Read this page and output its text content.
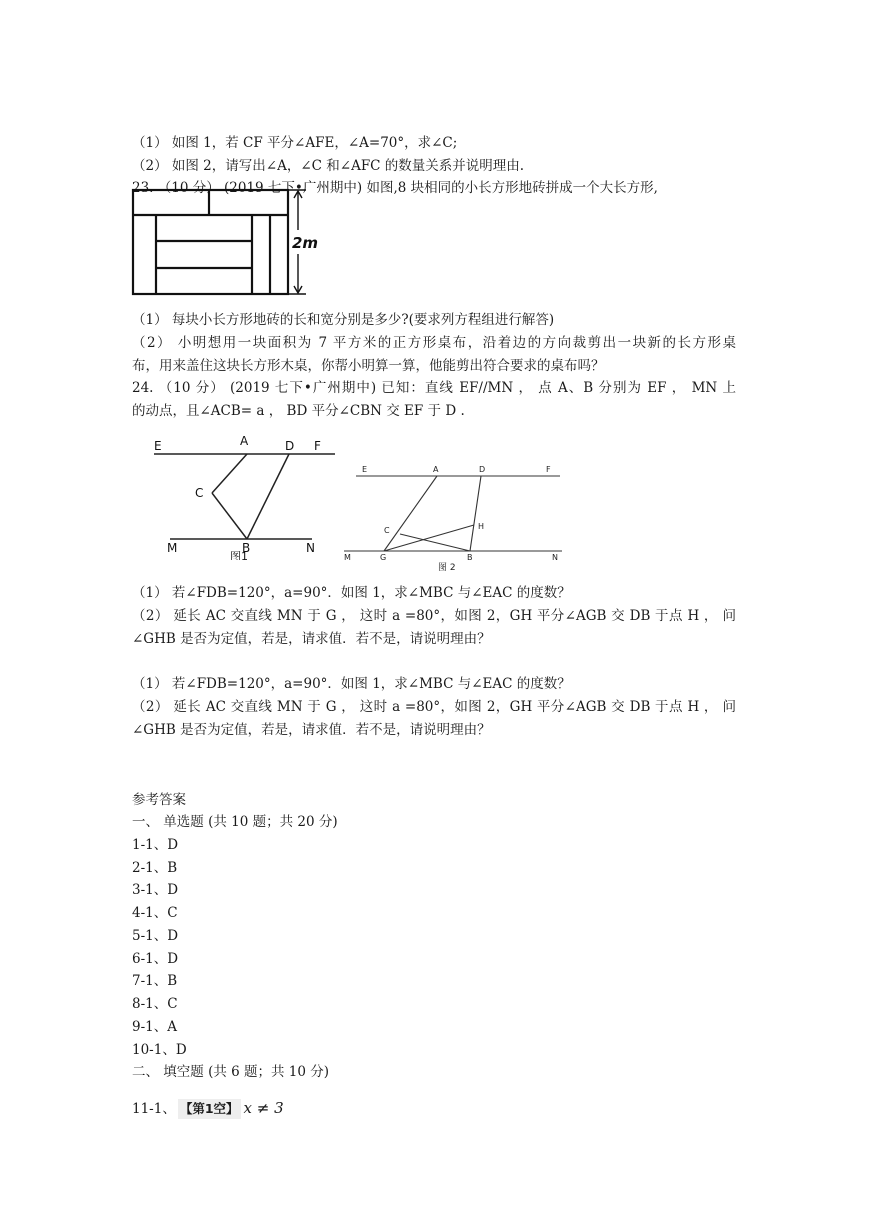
（1） 如图 1，若 CF 平分∠AFE，∠A=70°，求∠C;
（2） 如图 2，请写出∠A，∠C 和∠AFC 的数量关系并说明理由.
23. （10 分） (2019 七下•广州期中) 如图,8 块相同的小长方形地砖拼成一个大长方形,
2m
（1） 每块小长方形地砖的长和宽分别是多少?(要求列方程组进行解答)
（2） 小明想用一块面积为 7 平方米的正方形桌布，沿着边的方向裁剪出一块新的长方形桌
布，用来盖住这块长方形木桌，你帮小明算一算，他能剪出符合要求的桌布吗？
24. （10 分） (2019 七下•广州期中) 已知：直线 EF//MN ， 点 A、B 分别为 EF ， MN 上
的动点，且∠ACB= a ， BD 平分∠CBN 交 EF 于 D .
E	A	D F
C
M	B	N
图1
E	A	D	F
C	H
M	G	B	N
图 2
（1） 若∠FDB=120°，a=90°．如图 1，求∠MBC 与∠EAC 的度数？
（2） 延长 AC 交直线 MN 于 G ， 这时 a =80°，如图 2，GH 平分∠AGB 交 DB 于点 H ， 问
∠GHB 是否为定值，若是，请求值．若不是，请说明理由？
（1） 若∠FDB=120°，a=90°．如图 1，求∠MBC 与∠EAC 的度数？
（2） 延长 AC 交直线 MN 于 G ， 这时 a =80°，如图 2，GH 平分∠AGB 交 DB 于点 H ， 问
∠GHB 是否为定值，若是，请求值．若不是，请说明理由？
参考答案
一、 单选题 (共 10 题；共 20 分)
1-1、D
2-1、B
3-1、D
4-1、C
5-1、D
6-1、D
7-1、B
8-1、C
9-1、A
10-1、D
二、 填空题 (共 6 题；共 10 分)
11-1、 【第1空】 x ≠ 3
